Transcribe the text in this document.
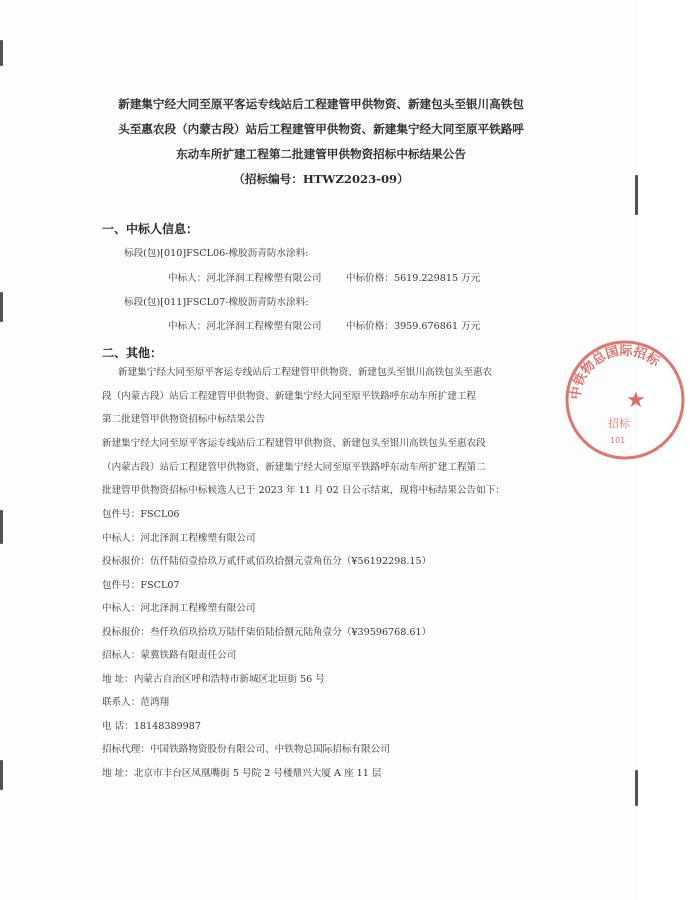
新建集宁经大同至原平客运专线站后工程建管甲供物资、新建包头至银川高铁包
头至惠农段（内蒙古段）站后工程建管甲供物资、新建集宁经大同至原平铁路呼
东动车所扩建工程第二批建管甲供物资招标中标结果公告
（招标编号：HTWZ2023-09）
一、中标人信息：
标段(包)[010]FSCL06-橡胶沥青防水涂料:
中标人：河北泽润工程橡塑有限公司	中标价格：5619.229815 万元
标段(包)[011]FSCL07-橡胶沥青防水涂料:
中标人：河北泽润工程橡塑有限公司	中标价格：3959.676861 万元
二、其他：
新建集宁经大同至原平客运专线站后工程建管甲供物资、新建包头至银川高铁包头至惠农
段（内蒙古段）站后工程建管甲供物资、新建集宁经大同至原平铁路呼东动车所扩建工程
第二批建管甲供物资招标中标结果公告
新建集宁经大同至原平客运专线站后工程建管甲供物资、新建包头至银川高铁包头至惠农段
（内蒙古段）站后工程建管甲供物资、新建集宁经大同至原平铁路呼东动车所扩建工程第二
批建管甲供物资招标中标候选人已于 2023 年 11 月 02 日公示结束，现将中标结果公告如下：
包件号：FSCL06
中标人：河北泽润工程橡塑有限公司
投标报价：伍仟陆佰壹拾玖万贰仟贰佰玖拾捌元壹角伍分（¥56192298.15）
包件号：FSCL07
中标人：河北泽润工程橡塑有限公司
投标报价：叁仟玖佰玖拾玖万陆仟柒佰陆拾捌元陆角壹分（¥39596768.61）
招标人：蒙冀铁路有限责任公司
地 址：内蒙古自治区呼和浩特市新城区北垣街 56 号
联系人：范鸿翔
电 话：18148389987
招标代理：中国铁路物资股份有限公司、中铁物总国际招标有限公司
地 址：北京市丰台区凤凰嘴街 5 号院 2 号楼鼎兴大厦 A 座 11 层
中铁物总国际招标
★
招标
101
